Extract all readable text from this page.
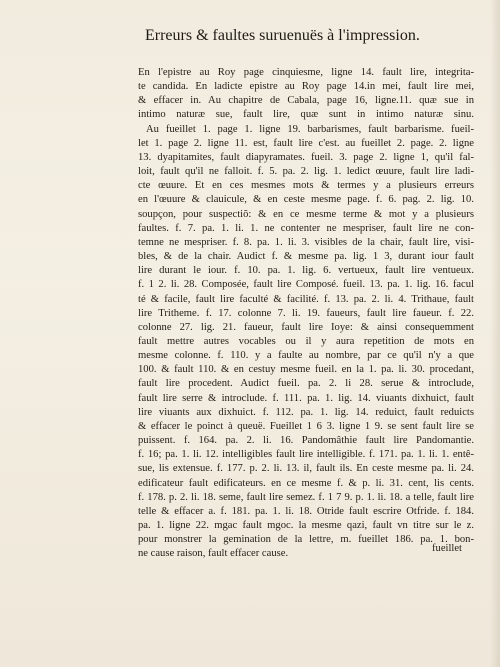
Erreurs & faultes suruenuës à l'impression.
En l'epistre au Roy page cinquiesme, ligne 14. fault lire, integrita-
te candida. En ladicte epistre au Roy page 14.in mei, fault lire mei,
& effacer in. Au chapitre de Cabala, page 16, ligne.11. quæ sue in
intimo naturæ sue, fault lire, quæ sunt in intimo naturæ sinu.
Au fueillet 1. page 1. ligne 19. barbarismes, fault barbarisme. fueil-
let 1. page 2. ligne 11. est, fault lire c'est. au fueillet 2. page. 2. ligne
13. dyapitamites, fault diapyramates. fueil. 3. page 2. ligne 1, qu'il fal-
loit, fault qu'il ne falloit. f. 5. pa. 2. lig. 1. ledict œuure, fault lire ladi-
cte œuure. Et en ces mesmes mots & termes y a plusieurs erreurs
en l'œuure & clauicule, & en ceste mesme page. f. 6. pag. 2. lig. 10.
soupçon, pour suspectiõ: & en ce mesme terme & mot y a plusieurs
faultes. f. 7. pa. 1. li. 1. ne contenter ne mespriser, fault lire ne con-
temne ne mespriser. f. 8. pa. 1. li. 3. visibles de la chair, fault lire, visi-
bles, & de la chair. Audict f. & mesme pa. lig. 1 3, durant iour fault
lire durant le iour. f. 10. pa. 1. lig. 6. vertueux, fault lire ventueux.
f. 1 2. li. 28. Composée, fault lire Composé. fueil. 13. pa. 1. lig. 16. facul
té & facile, fault lire faculté & facilité. f. 13. pa. 2. li. 4. Trithaue, fault
lire Tritheme. f. 17. colonne 7. li. 19. faueurs, fault lire faueur. f. 22.
colonne 27. lig. 21. faueur, fault lire Ioye: & ainsi consequemment
fault mettre autres vocables ou il y aura repetition de mots en
mesme colonne. f. 110. y a faulte au nombre, par ce qu'il n'y a que
100. & fault 110. & en cestuy mesme fueil. en la 1. pa. li. 30. procedant,
fault lire procedent. Audict fueil. pa. 2. li 28. serue & introclude,
fault lire serre & introclude. f. 111. pa. 1. lig. 14. viuants dixhuict, fault
lire viuants aux dixhuict. f. 112. pa. 1. lig. 14. reduict, fault reduicts
& effacer le poinct à queuë. Fueillet 1 6 3. ligne 1 9. se sent fault lire se
puissent. f. 164. pa. 2. li. 16. Pandomâthie fault lire Pandomantie.
f. 16; pa. 1. li. 12. intelligibles fault lire intelligible. f. 171. pa. 1. li. 1. entê-
sue, lis extensue. f. 177. p. 2. li. 13. il, fault ils. En ceste mesme pa. li. 24.
edificateur fault edificateurs. en ce mesme f. & p. li. 31. cent, lis cents.
f. 178. p. 2. li. 18. seme, fault lire semez. f. 1 7 9. p. 1. li. 18. a telle, fault lire
telle & effacer a. f. 181. pa. 1. li. 18. Otride fault escrire Otfride. f. 184.
pa. 1. ligne 22. mgac fault mgoc. la mesme qazi, fault vn titre sur le z.
pour monstrer la gemination de la lettre, m. fueillet 186. pa. 1. bon-
ne cause raison, fault effacer cause.	fueillet
